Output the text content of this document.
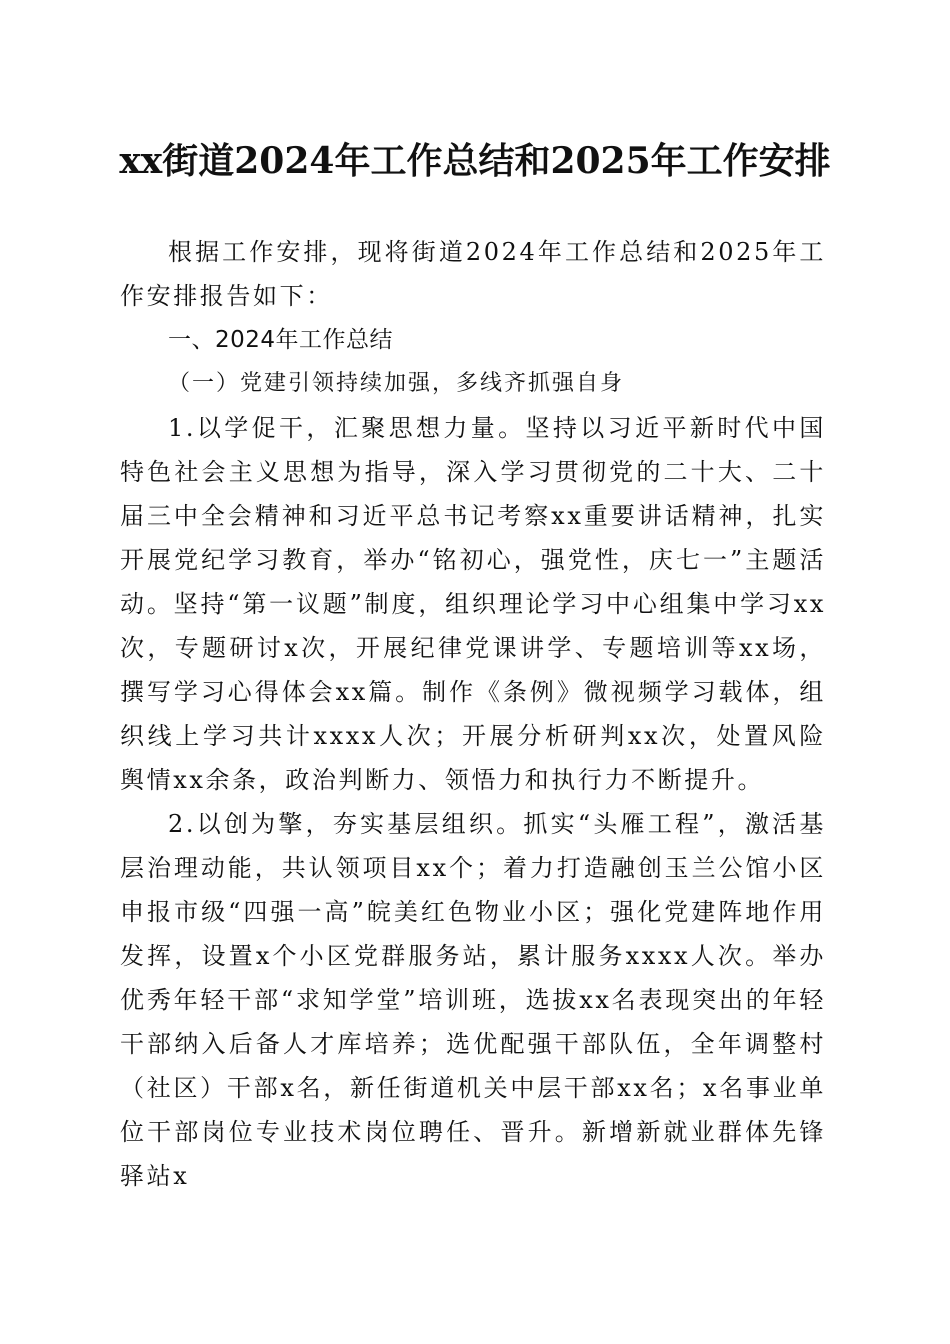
xx街道2024年工作总结和2025年工作安排

根据工作安排，现将街道2024年工作总结和2025年工作安排报告如下：

一、2024年工作总结

（一）党建引领持续加强，多线齐抓强自身

1.以学促干，汇聚思想力量。坚持以习近平新时代中国特色社会主义思想为指导，深入学习贯彻党的二十大、二十届三中全会精神和习近平总书记考察xx重要讲话精神，扎实开展党纪学习教育，举办“铭初心，强党性，庆七一”主题活动。坚持“第一议题”制度，组织理论学习中心组集中学习xx次，专题研讨x次，开展纪律党课讲学、专题培训等xx场，撰写学习心得体会xx篇。制作《条例》微视频学习载体，组织线上学习共计xxxx人次；开展分析研判xx次，处置风险舆情xx余条，政治判断力、领悟力和执行力不断提升。

2.以创为擎，夯实基层组织。抓实“头雁工程”，激活基层治理动能，共认领项目xx个；着力打造融创玉兰公馆小区申报市级“四强一高”皖美红色物业小区；强化党建阵地作用发挥，设置x个小区党群服务站，累计服务xxxx人次。举办优秀年轻干部“求知学堂”培训班，选拔xx名表现突出的年轻干部纳入后备人才库培养；选优配强干部队伍，全年调整村（社区）干部x名，新任街道机关中层干部xx名；x名事业单位干部岗位专业技术岗位聘任、晋升。新增新就业群体先锋驿站x
